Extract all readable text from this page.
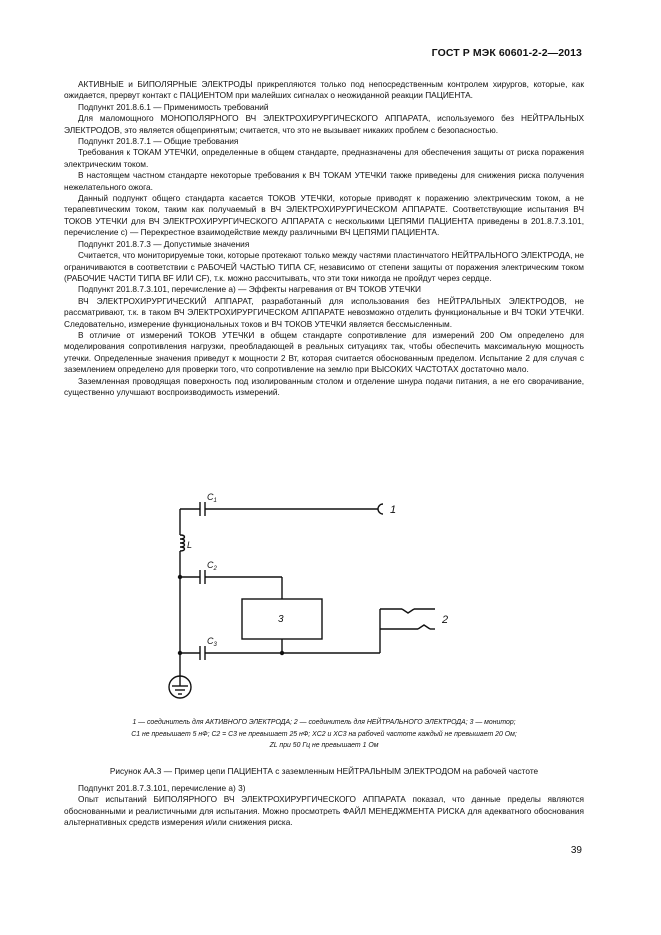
ГОСТ Р МЭК 60601-2-2—2013

АКТИВНЫЕ и БИПОЛЯРНЫЕ ЭЛЕКТРОДЫ прикрепляются только под непосредственным контролем хирургов, которые, как ожидается, прервут контакт с ПАЦИЕНТОМ при малейших сигналах о неожиданной реакции ПАЦИЕНТА.

Подпункт 201.8.6.1 — Применимость требований

Для маломощного МОНОПОЛЯРНОГО ВЧ ЭЛЕКТРОХИРУРГИЧЕСКОГО АППАРАТА, используемого без НЕЙТРАЛЬНЫХ ЭЛЕКТРОДОВ, это является общепринятым; считается, что это не вызывает никаких проблем с безопасностью.

Подпункт 201.8.7.1 — Общие требования

Требования к ТОКАМ УТЕЧКИ, определенные в общем стандарте, предназначены для обеспечения защиты от риска поражения электрическим током.

В настоящем частном стандарте некоторые требования к ВЧ ТОКАМ УТЕЧКИ также приведены для снижения риска получения нежелательного ожога.

Данный подпункт общего стандарта касается ТОКОВ УТЕЧКИ, которые приводят к поражению электрическим током, а не терапевтическим током, таким как получаемый в ВЧ ЭЛЕКТРОХИРУРГИЧЕСКОМ АППАРАТЕ. Соответствующие испытания ВЧ ТОКОВ УТЕЧКИ для ВЧ ЭЛЕКТРОХИРУРГИЧЕСКОГО АППАРАТА с несколькими ЦЕПЯМИ ПАЦИЕНТА приведены в 201.8.7.3.101, перечисление с) — Перекрестное взаимодействие между различными ВЧ ЦЕПЯМИ ПАЦИЕНТА.

Подпункт 201.8.7.3 — Допустимые значения

Считается, что мониторируемые токи, которые протекают только между частями пластинчатого НЕЙТРАЛЬНОГО ЭЛЕКТРОДА, не ограничиваются в соответствии с РАБОЧЕЙ ЧАСТЬЮ ТИПА CF, независимо от степени защиты от поражения электрическим током (РАБОЧИЕ ЧАСТИ ТИПА BF ИЛИ CF), т.к. можно рассчитывать, что эти токи никогда не пройдут через сердце.

Подпункт 201.8.7.3.101, перечисление а) — Эффекты нагревания от ВЧ ТОКОВ УТЕЧКИ

ВЧ ЭЛЕКТРОХИРУРГИЧЕСКИЙ АППАРАТ, разработанный для использования без НЕЙТРАЛЬНЫХ ЭЛЕКТРОДОВ, не рассматривают, т.к. в таком ВЧ ЭЛЕКТРОХИРУРГИЧЕСКОМ АППАРАТЕ невозможно отделить функциональные и ВЧ ТОКИ УТЕЧКИ. Следовательно, измерение функциональных токов и ВЧ ТОКОВ УТЕЧКИ является бессмысленным.

В отличие от измерений ТОКОВ УТЕЧКИ в общем стандарте сопротивление для измерений 200 Ом определено для моделирования сопротивления нагрузки, преобладающей в реальных ситуациях так, чтобы обеспечить максимальную мощность утечки. Определенные значения приведут к мощности 2 Вт, которая считается обоснованным пределом. Испытание 2 для случая с заземлением определено для проверки того, что сопротивление на землю при ВЫСОКИХ ЧАСТОТАХ достаточно мало.

Заземленная проводящая поверхность под изолированным столом и отделение шнура подачи питания, а не его сворачивание, существенно улучшают воспроизводимость измерений.

$C_1$
$C_2$
$C_3$
L
3
1
2
1 — соединитель для АКТИВНОГО ЭЛЕКТРОДА; 2 — соединитель для НЕЙТРАЛЬНОГО ЭЛЕКТРОДА; 3 — монитор;
C1 не превышает 5 нФ; C2 = C3 не превышает 25 нФ; XC2 и XC3 на рабочей частоте каждый не превышает 20 Ом;
ZL при 50 Гц не превышает 1 Ом
Рисунок АА.3 — Пример цепи ПАЦИЕНТА с заземленным НЕЙТРАЛЬНЫМ ЭЛЕКТРОДОМ на рабочей частоте

Подпункт 201.8.7.3.101, перечисление а) 3)

Опыт испытаний БИПОЛЯРНОГО ВЧ ЭЛЕКТРОХИРУРГИЧЕСКОГО АППАРАТА показал, что данные пределы являются обоснованными и реалистичными для испытания. Можно просмотреть ФАЙЛ МЕНЕДЖМЕНТА РИСКА для адекватного обоснования альтернативных средств измерения и/или снижения риска.

39
